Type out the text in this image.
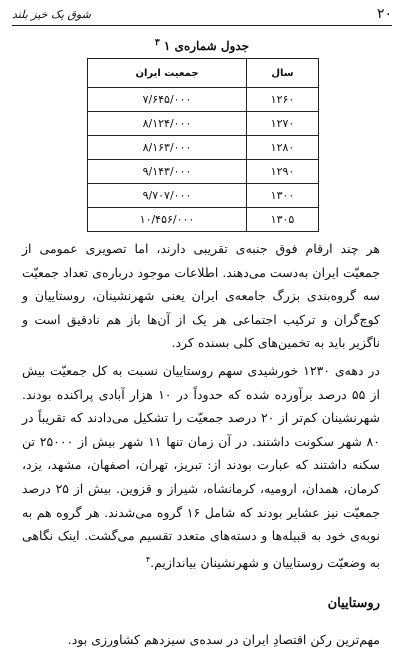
۲۰
شوق یک خیز بلند
جدول شماره‌ی ۱ $^۳$
سال	جمعیت ایران
۱۲۶۰	۷/۶۴۵/۰۰۰
۱۲۷۰	۸/۱۲۴/۰۰۰
۱۲۸۰	۸/۱۶۳/۰۰۰
۱۲۹۰	۹/۱۴۳/۰۰۰
۱۳۰۰	۹/۷۰۷/۰۰۰
۱۳۰۵	۱۰/۴۵۶/۰۰۰

هر چند ارقام فوق جنبه‌ی تقریبی دارند، اما تصویری عمومی از جمعیّت ایران به‌دست می‌دهند. اطلاعات موجود درباره‌ی تعداد جمعیّت سه گروه‌بندی بزرگ جامعه‌ی ایران یعنی شهرنشینان، روستاییان و کوچ‌گران و ترکیب اجتماعی هر یک از آن‌ها باز هم نادقیق است و ناگزیر باید به تخمین‌های کلی بسنده کرد.

در دهه‌ی ۱۲۳۰ خورشیدی سهم روستاییان نسبت به کل جمعیّت بیش از ۵۵ درصد برآورده شده که حدوداً در ۱۰ هزار آبادی پراکنده بودند. شهرنشینان کم‌تر از ۲۰ درصد جمعیّت را تشکیل می‌دادند که تقریباً در ۸۰ شهر سکونت داشتند. در آن زمان تنها ۱۱ شهر بیش از ۲۵۰۰۰ تن سکنه داشتند که عبارت بودند از: تبریز، تهران، اصفهان، مشهد، یزد، کرمان، همدان، ارومیه، کرمانشاه، شیراز و قزوین. بیش از ۲۵ درصد جمعیّت نیز عشایر بودند که شامل ۱۶ گروه می‌شدند. هر گروه هم به نوبه‌ی خود به قبیله‌ها و دسته‌های متعدد تقسیم می‌گشت. اینک نگاهی به وضعیّت روستاییان و شهرنشینان بیاندازیم.$^۴$

روستاییان

مهم‌ترین رکن اقتصادِ ایران در سده‌ی سیزدهم کشاورزی بود.
